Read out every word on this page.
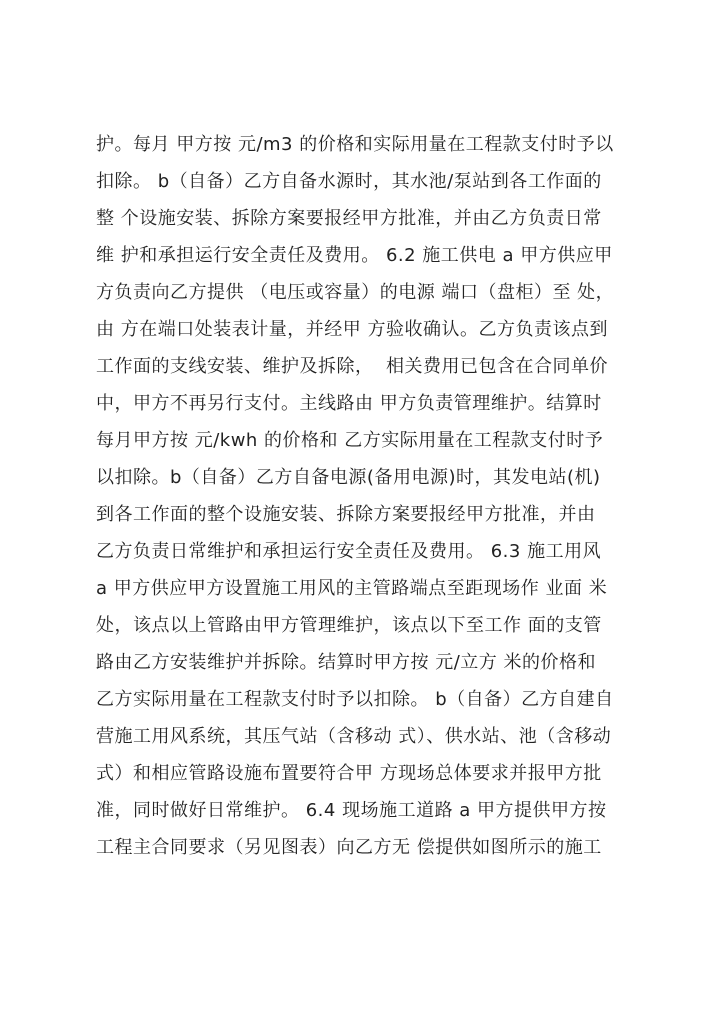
护。每月 甲方按 元/m3 的价格和实际用量在工程款支付时予以
扣除。 b（自备）乙方自备水源时，其水池/泵站到各工作面的
整 个设施安装、拆除方案要报经甲方批准，并由乙方负责日常
维 护和承担运行安全责任及费用。 6.2 施工供电 a 甲方供应甲
方负责向乙方提供 （电压或容量）的电源 端口（盘柜）至 处，
由 方在端口处装表计量，并经甲 方验收确认。乙方负责该点到
工作面的支线安装、维护及拆除，  相关费用已包含在合同单价
中，甲方不再另行支付。主线路由 甲方负责管理维护。结算时
每月甲方按 元/kwh 的价格和 乙方实际用量在工程款支付时予
以扣除。b（自备）乙方自备电源(备用电源)时，其发电站(机)
到各工作面的整个设施安装、拆除方案要报经甲方批准，并由
乙方负责日常维护和承担运行安全责任及费用。 6.3 施工用风
a 甲方供应甲方设置施工用风的主管路端点至距现场作 业面 米
处，该点以上管路由甲方管理维护，该点以下至工作 面的支管
路由乙方安装维护并拆除。结算时甲方按 元/立方 米的价格和
乙方实际用量在工程款支付时予以扣除。 b（自备）乙方自建自
营施工用风系统，其压气站（含移动 式）、供水站、池（含移动
式）和相应管路设施布置要符合甲 方现场总体要求并报甲方批
准，同时做好日常维护。 6.4 现场施工道路 a 甲方提供甲方按
工程主合同要求（另见图表）向乙方无 偿提供如图所示的施工
